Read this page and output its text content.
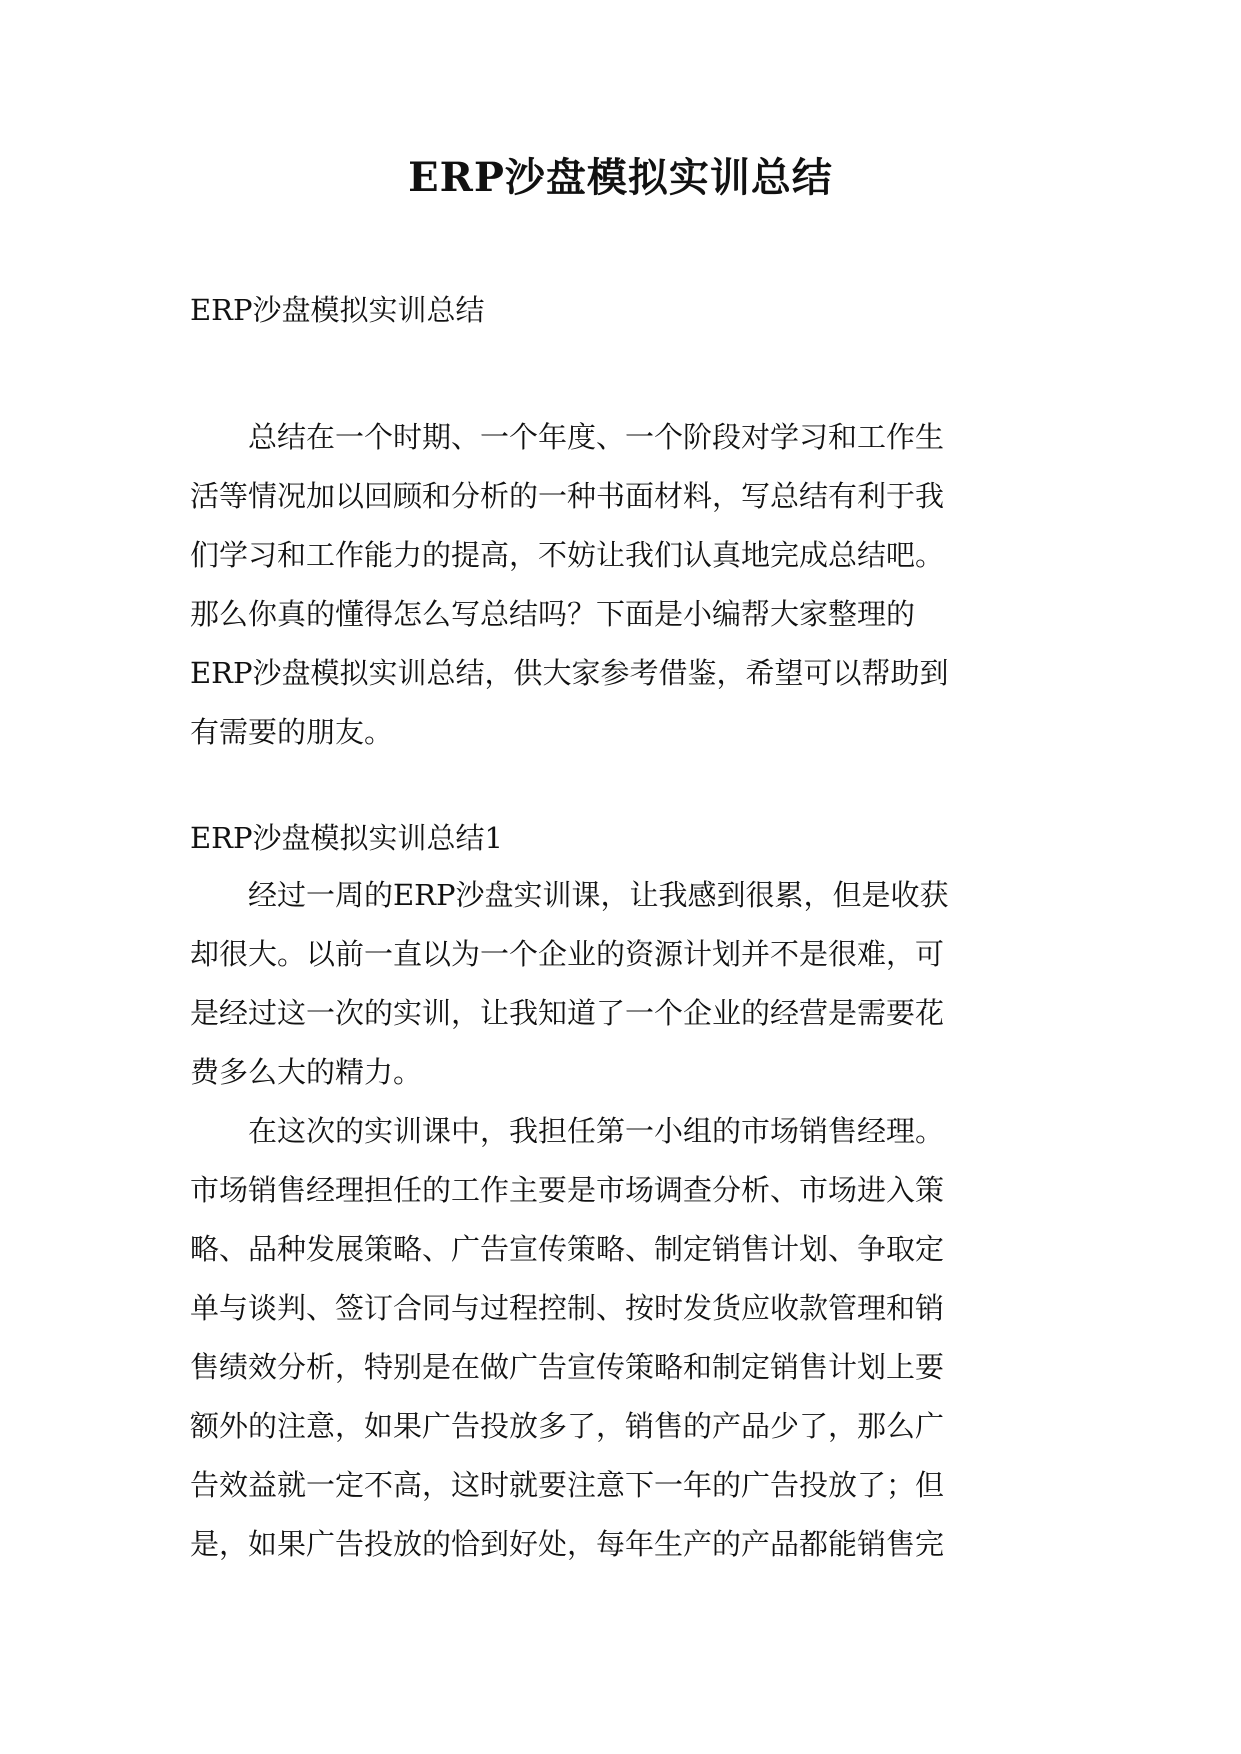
ERP沙盘模拟实训总结
ERP沙盘模拟实训总结
　　总结在一个时期、一个年度、一个阶段对学习和工作生
活等情况加以回顾和分析的一种书面材料，写总结有利于我
们学习和工作能力的提高，不妨让我们认真地完成总结吧。
那么你真的懂得怎么写总结吗？下面是小编帮大家整理的
ERP沙盘模拟实训总结，供大家参考借鉴，希望可以帮助到
有需要的朋友。
ERP沙盘模拟实训总结1
　　经过一周的ERP沙盘实训课，让我感到很累，但是收获
却很大。以前一直以为一个企业的资源计划并不是很难，可
是经过这一次的实训，让我知道了一个企业的经营是需要花
费多么大的精力。
　　在这次的实训课中，我担任第一小组的市场销售经理。
市场销售经理担任的工作主要是市场调查分析、市场进入策
略、品种发展策略、广告宣传策略、制定销售计划、争取定
单与谈判、签订合同与过程控制、按时发货应收款管理和销
售绩效分析，特别是在做广告宣传策略和制定销售计划上要
额外的注意，如果广告投放多了，销售的产品少了，那么广
告效益就一定不高，这时就要注意下一年的广告投放了；但
是，如果广告投放的恰到好处，每年生产的产品都能销售完
